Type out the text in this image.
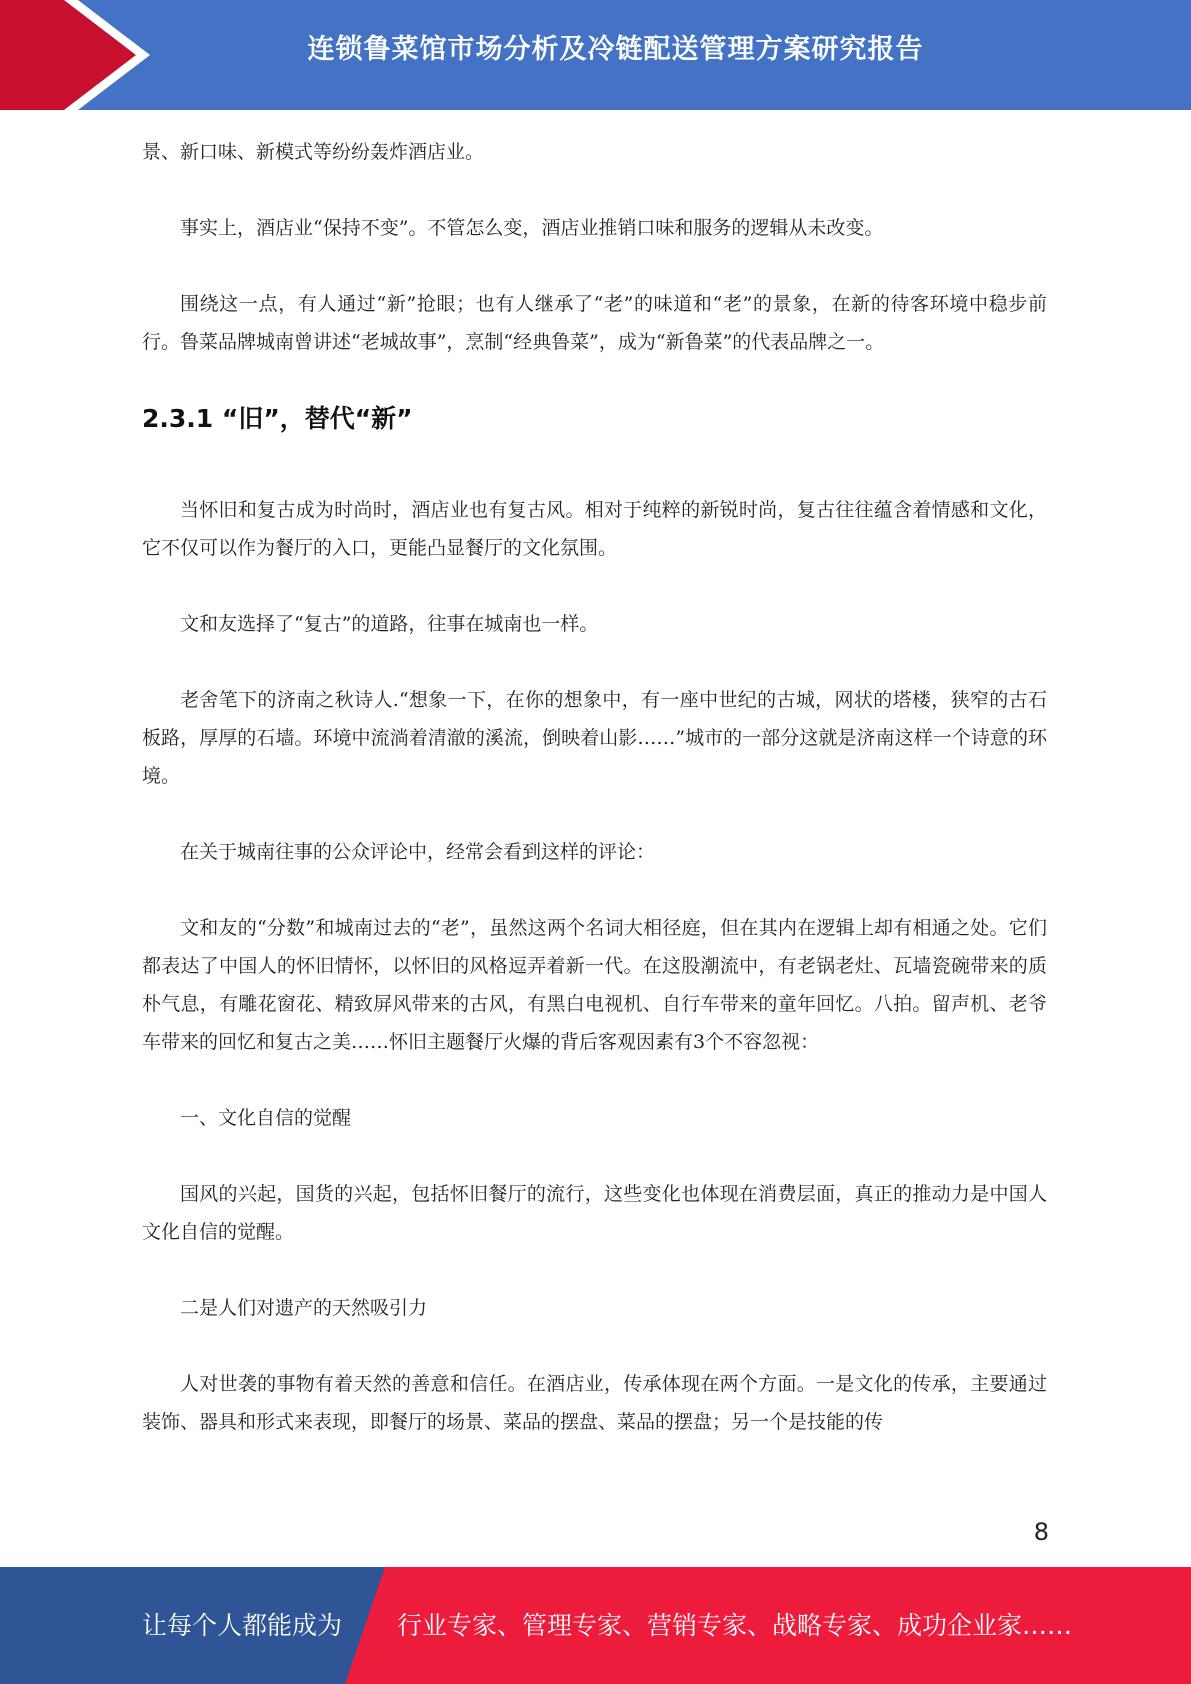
连锁鲁菜馆市场分析及冷链配送管理方案研究报告

景、新口味、新模式等纷纷轰炸酒店业。

事实上，酒店业“保持不变”。不管怎么变，酒店业推销口味和服务的逻辑从未改变。

围绕这一点，有人通过“新”抢眼；也有人继承了“老”的味道和“老”的景象，在新的待客环境中稳步前行。鲁菜品牌城南曾讲述“老城故事”，烹制“经典鲁菜”，成为“新鲁菜”的代表品牌之一。

2.3.1 “旧”，替代“新”

当怀旧和复古成为时尚时，酒店业也有复古风。相对于纯粹的新锐时尚，复古往往蕴含着情感和文化，它不仅可以作为餐厅的入口，更能凸显餐厅的文化氛围。

文和友选择了“复古”的道路，往事在城南也一样。

老舍笔下的济南之秋诗人.“想象一下，在你的想象中，有一座中世纪的古城，网状的塔楼，狭窄的古石板路，厚厚的石墙。环境中流淌着清澈的溪流，倒映着山影……”城市的一部分这就是济南这样一个诗意的环境。

在关于城南往事的公众评论中，经常会看到这样的评论：

文和友的“分数”和城南过去的“老”，虽然这两个名词大相径庭，但在其内在逻辑上却有相通之处。它们都表达了中国人的怀旧情怀，以怀旧的风格逗弄着新一代。在这股潮流中，有老锅老灶、瓦墙瓷碗带来的质朴气息，有雕花窗花、精致屏风带来的古风，有黑白电视机、自行车带来的童年回忆。八拍。留声机、老爷车带来的回忆和复古之美……怀旧主题餐厅火爆的背后客观因素有3个不容忽视：

一、文化自信的觉醒

国风的兴起，国货的兴起，包括怀旧餐厅的流行，这些变化也体现在消费层面，真正的推动力是中国人文化自信的觉醒。

二是人们对遗产的天然吸引力

人对世袭的事物有着天然的善意和信任。在酒店业，传承体现在两个方面。一是文化的传承，主要通过装饰、器具和形式来表现，即餐厅的场景、菜品的摆盘、菜品的摆盘；另一个是技能的传

8
让每个人都能成为 行业专家、管理专家、营销专家、战略专家、成功企业家……
